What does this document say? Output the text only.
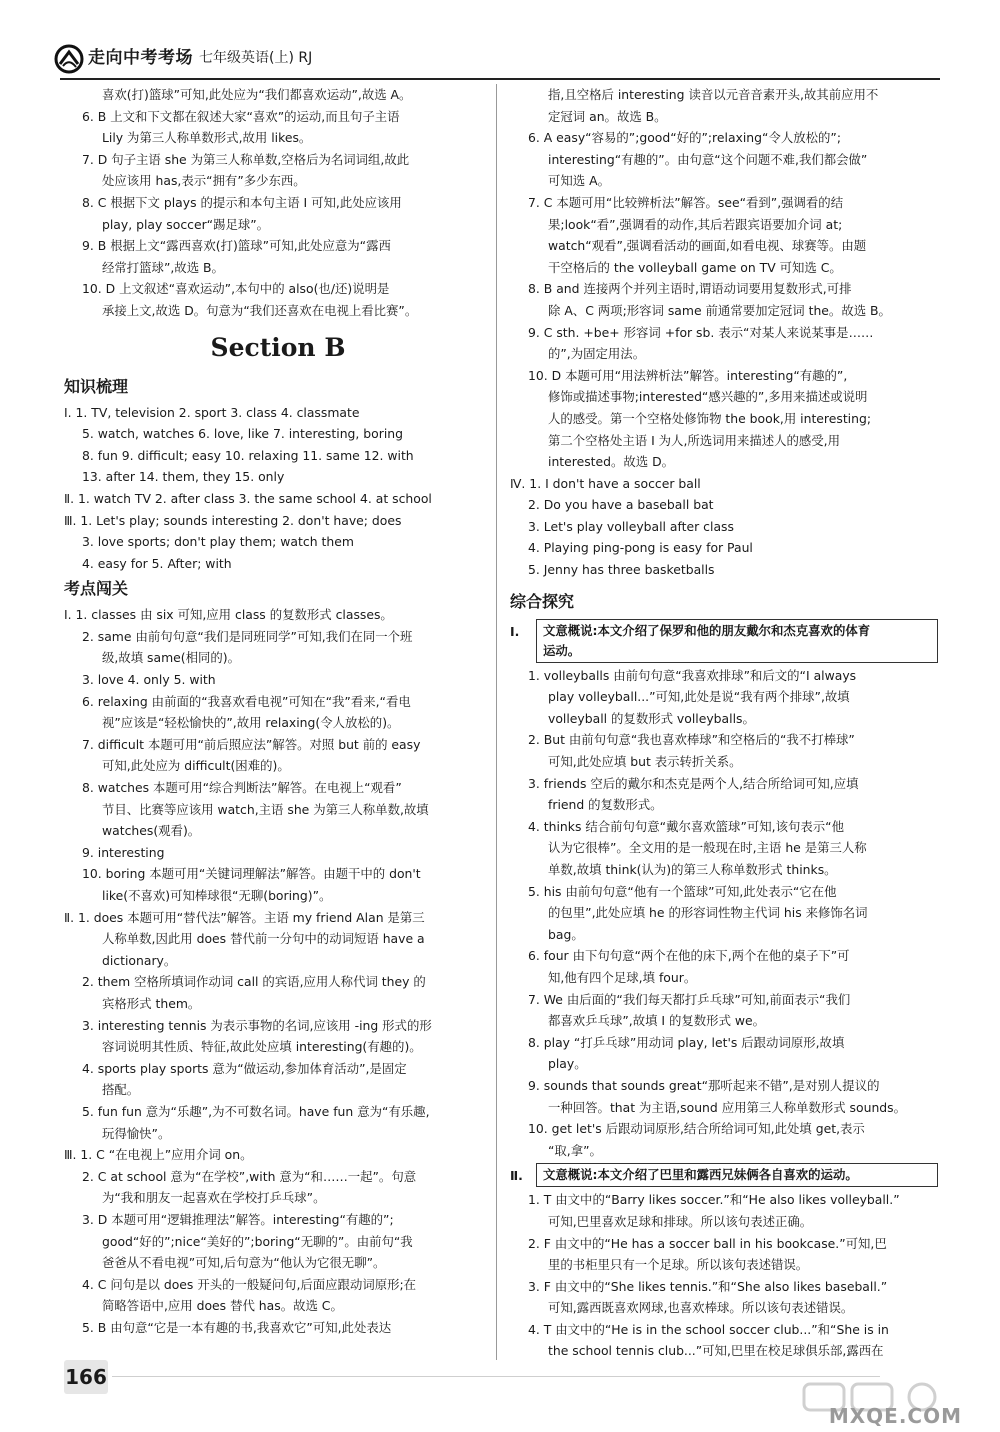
走向中考考场 七年级英语(上) RJ
喜欢(打)篮球”可知,此处应为“我们都喜欢运动”,故选 A。
6. B 上文和下文都在叙述大家“喜欢”的运动,而且句子主语
Lily 为第三人称单数形式,故用 likes。
7. D 句子主语 she 为第三人称单数,空格后为名词词组,故此
处应该用 has,表示“拥有”多少东西。
8. C 根据下文 plays 的提示和本句主语 I 可知,此处应该用
play, play soccer“踢足球”。
9. B 根据上文“露西喜欢(打)篮球”可知,此处应意为“露西
经常打篮球”,故选 B。
10. D 上文叙述“喜欢运动”,本句中的 also(也/还)说明是
承接上文,故选 D。句意为“我们还喜欢在电视上看比赛”。
Section B
知识梳理
Ⅰ. 1. TV, television 2. sport 3. class 4. classmate
5. watch, watches 6. love, like 7. interesting, boring
8. fun 9. difficult; easy 10. relaxing 11. same 12. with
13. after 14. them, they 15. only
Ⅱ. 1. watch TV 2. after class 3. the same school 4. at school
Ⅲ. 1. Let's play; sounds interesting 2. don't have; does
3. love sports; don't play them; watch them
4. easy for 5. After; with
考点闯关
Ⅰ. 1. classes 由 six 可知,应用 class 的复数形式 classes。
2. same 由前句句意“我们是同班同学”可知,我们在同一个班
级,故填 same(相同的)。
3. love 4. only 5. with
6. relaxing 由前面的“我喜欢看电视”可知在“我”看来,“看电
视”应该是“轻松愉快的”,故用 relaxing(令人放松的)。
7. difficult 本题可用“前后照应法”解答。对照 but 前的 easy
可知,此处应为 difficult(困难的)。
8. watches 本题可用“综合判断法”解答。在电视上“观看”
节目、比赛等应该用 watch,主语 she 为第三人称单数,故填
watches(观看)。
9. interesting
10. boring 本题可用“关键词理解法”解答。由题干中的 don't
like(不喜欢)可知棒球很“无聊(boring)”。
Ⅱ. 1. does 本题可用“替代法”解答。主语 my friend Alan 是第三
人称单数,因此用 does 替代前一分句中的动词短语 have a
dictionary。
2. them 空格所填词作动词 call 的宾语,应用人称代词 they 的
宾格形式 them。
3. interesting tennis 为表示事物的名词,应该用 -ing 形式的形
容词说明其性质、特征,故此处应填 interesting(有趣的)。
4. sports play sports 意为“做运动,参加体育活动”,是固定
搭配。
5. fun fun 意为“乐趣”,为不可数名词。have fun 意为“有乐趣,
玩得愉快”。
Ⅲ. 1. C “在电视上”应用介词 on。
2. C at school 意为“在学校”,with 意为“和……一起”。句意
为“我和朋友一起喜欢在学校打乒乓球”。
3. D 本题可用“逻辑推理法”解答。interesting“有趣的”;
good“好的”;nice“美好的”;boring“无聊的”。由前句“我
爸爸从不看电视”可知,后句意为“他认为它很无聊”。
4. C 问句是以 does 开头的一般疑问句,后面应跟动词原形;在
简略答语中,应用 does 替代 has。故选 C。
5. B 由句意“它是一本有趣的书,我喜欢它”可知,此处表达
指,且空格后 interesting 读音以元音音素开头,故其前应用不
定冠词 an。故选 B。
6. A easy“容易的”;good“好的”;relaxing“令人放松的”;
interesting“有趣的”。由句意“这个问题不难,我们都会做”
可知选 A。
7. C 本题可用“比较辨析法”解答。see“看到”,强调看的结
果;look“看”,强调看的动作,其后若跟宾语要加介词 at;
watch“观看”,强调看活动的画面,如看电视、球赛等。由题
干空格后的 the volleyball game on TV 可知选 C。
8. B and 连接两个并列主语时,谓语动词要用复数形式,可排
除 A、C 两项;形容词 same 前通常要加定冠词 the。故选 B。
9. C sth. +be+ 形容词 +for sb. 表示“对某人来说某事是……
的”,为固定用法。
10. D 本题可用“用法辨析法”解答。interesting“有趣的”,
修饰或描述事物;interested“感兴趣的”,多用来描述或说明
人的感受。第一个空格处修饰物 the book,用 interesting;
第二个空格处主语 I 为人,所选词用来描述人的感受,用
interested。故选 D。
Ⅳ. 1. I don't have a soccer ball
2. Do you have a baseball bat
3. Let's play volleyball after class
4. Playing ping-pong is easy for Paul
5. Jenny has three basketballs
综合探究
Ⅰ. 文意概说:本文介绍了保罗和他的朋友戴尔和杰克喜欢的体育
运动。
1. volleyballs 由前句句意“我喜欢排球”和后文的“I always
play volleyball...”可知,此处是说“我有两个排球”,故填
volleyball 的复数形式 volleyballs。
2. But 由前句句意“我也喜欢棒球”和空格后的“我不打棒球”
可知,此处应填 but 表示转折关系。
3. friends 空后的戴尔和杰克是两个人,结合所给词可知,应填
friend 的复数形式。
4. thinks 结合前句句意“戴尔喜欢篮球”可知,该句表示“他
认为它很棒”。全文用的是一般现在时,主语 he 是第三人称
单数,故填 think(认为)的第三人称单数形式 thinks。
5. his 由前句句意“他有一个篮球”可知,此处表示“它在他
的包里”,此处应填 he 的形容词性物主代词 his 来修饰名词
bag。
6. four 由下句句意“两个在他的床下,两个在他的桌子下”可
知,他有四个足球,填 four。
7. We 由后面的“我们每天都打乒乓球”可知,前面表示“我们
都喜欢乒乓球”,故填 I 的复数形式 we。
8. play “打乒乓球”用动词 play, let's 后跟动词原形,故填
play。
9. sounds that sounds great“那听起来不错”,是对别人提议的
一种回答。that 为主语,sound 应用第三人称单数形式 sounds。
10. get let's 后跟动词原形,结合所给词可知,此处填 get,表示
“取,拿”。
Ⅱ. 文意概说:本文介绍了巴里和露西兄妹俩各自喜欢的运动。
1. T 由文中的“Barry likes soccer.”和“He also likes volleyball.”
可知,巴里喜欢足球和排球。所以该句表述正确。
2. F 由文中的“He has a soccer ball in his bookcase.”可知,巴
里的书柜里只有一个足球。所以该句表述错误。
3. F 由文中的“She likes tennis.”和“She also likes baseball.”
可知,露西既喜欢网球,也喜欢棒球。所以该句表述错误。
4. T 由文中的“He is in the school soccer club...”和“She is in
the school tennis club...”可知,巴里在校足球俱乐部,露西在
166
MXQE.COM
